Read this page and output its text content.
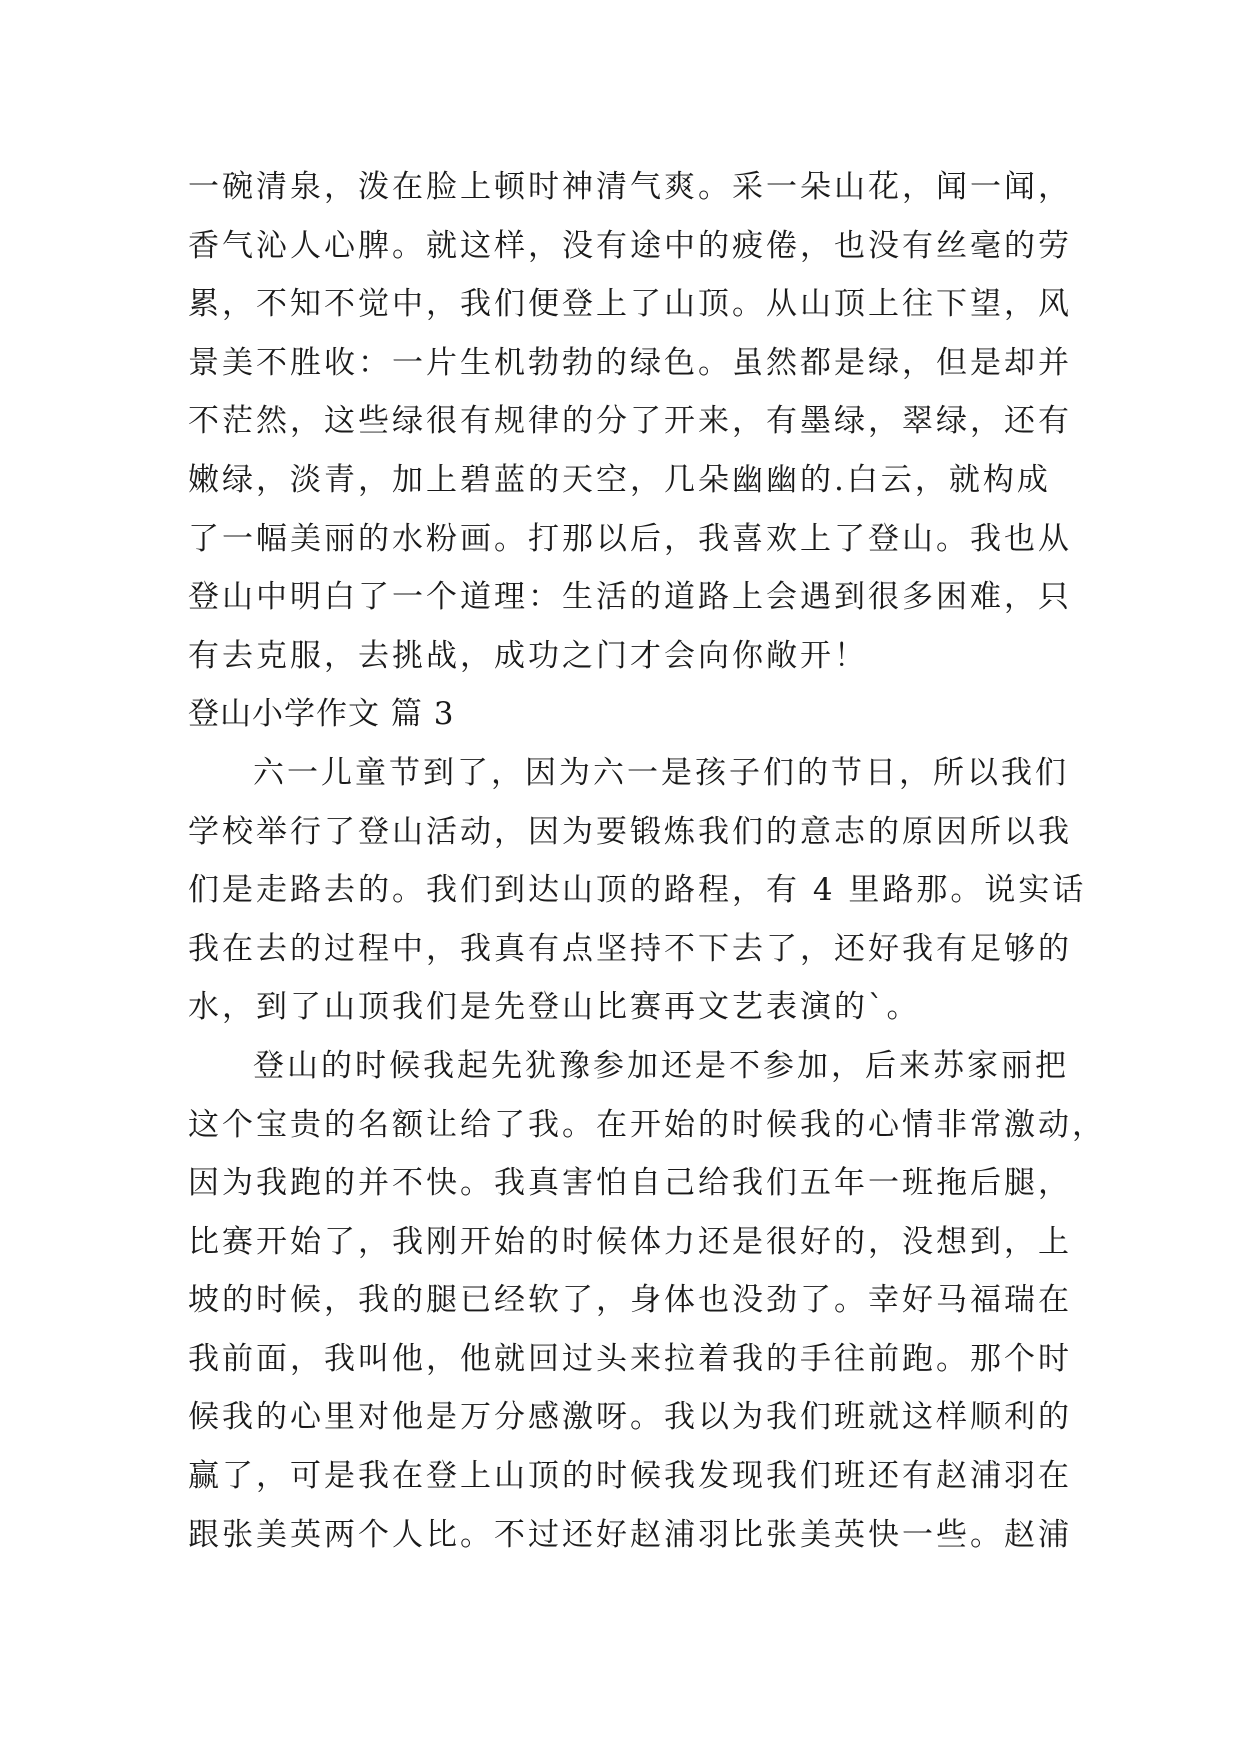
一碗清泉，泼在脸上顿时神清气爽。采一朵山花，闻一闻，
香气沁人心脾。就这样，没有途中的疲倦，也没有丝毫的劳
累，不知不觉中，我们便登上了山顶。从山顶上往下望，风
景美不胜收：一片生机勃勃的绿色。虽然都是绿，但是却并
不茫然，这些绿很有规律的分了开来，有墨绿，翠绿，还有
嫩绿，淡青，加上碧蓝的天空，几朵幽幽的.白云，就构成
了一幅美丽的水粉画。打那以后，我喜欢上了登山。我也从
登山中明白了一个道理：生活的道路上会遇到很多困难，只
有去克服，去挑战，成功之门才会向你敞开！
登山小学作文 篇 3
六一儿童节到了，因为六一是孩子们的节日，所以我们
学校举行了登山活动，因为要锻炼我们的意志的原因所以我
们是走路去的。我们到达山顶的路程，有 4 里路那。说实话
我在去的过程中，我真有点坚持不下去了，还好我有足够的
水，到了山顶我们是先登山比赛再文艺表演的`。
登山的时候我起先犹豫参加还是不参加，后来苏家丽把
这个宝贵的名额让给了我。在开始的时候我的心情非常激动，
因为我跑的并不快。我真害怕自己给我们五年一班拖后腿，
比赛开始了，我刚开始的时候体力还是很好的，没想到，上
坡的时候，我的腿已经软了，身体也没劲了。幸好马福瑞在
我前面，我叫他，他就回过头来拉着我的手往前跑。那个时
候我的心里对他是万分感激呀。我以为我们班就这样顺利的
赢了，可是我在登上山顶的时候我发现我们班还有赵浦羽在
跟张美英两个人比。不过还好赵浦羽比张美英快一些。赵浦
